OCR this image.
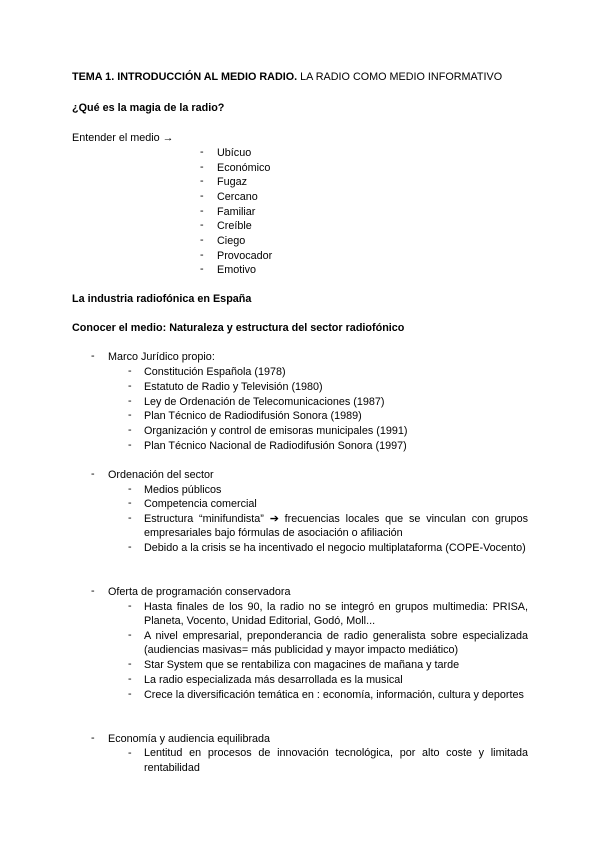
TEMA 1. INTRODUCCIÓN AL MEDIO RADIO. LA RADIO COMO MEDIO INFORMATIVO
¿Qué es la magia de la radio?
Entender el medio →
-	Ubícuo
-	Económico
-	Fugaz
-	Cercano
-	Familiar
-	Creíble
-	Ciego
-	Provocador
-	Emotivo
La industria radiofónica en España
Conocer el medio: Naturaleza y estructura del sector radiofónico
-	Marco Jurídico propio:
-	Constitución Española (1978)
-	Estatuto de Radio y Televisión (1980)
-	Ley de Ordenación de Telecomunicaciones (1987)
-	Plan Técnico de Radiodifusión Sonora (1989)
-	Organización y control de emisoras municipales (1991)
-	Plan Técnico Nacional de Radiodifusión Sonora (1997)
-	Ordenación del sector
-	Medios públicos
-	Competencia comercial
-	Estructura “minifundista” ➔ frecuencias locales que se vinculan con grupos empresariales bajo fórmulas de asociación o afiliación
-	Debido a la crisis se ha incentivado el negocio multiplataforma (COPE-Vocento)
-	Oferta de programación conservadora
-	Hasta finales de los 90, la radio no se integró en grupos multimedia: PRISA, Planeta, Vocento, Unidad Editorial, Godó, Moll...
-	A nivel empresarial, preponderancia de radio generalista sobre especializada (audiencias masivas= más publicidad y mayor impacto mediático)
-	Star System que se rentabiliza con magacines de mañana y tarde
-	La radio especializada más desarrollada es la musical
-	Crece la diversificación temática en : economía, información, cultura y deportes
-	Economía y audiencia equilibrada
-	Lentitud en procesos de innovación tecnológica, por alto coste y limitada rentabilidad
